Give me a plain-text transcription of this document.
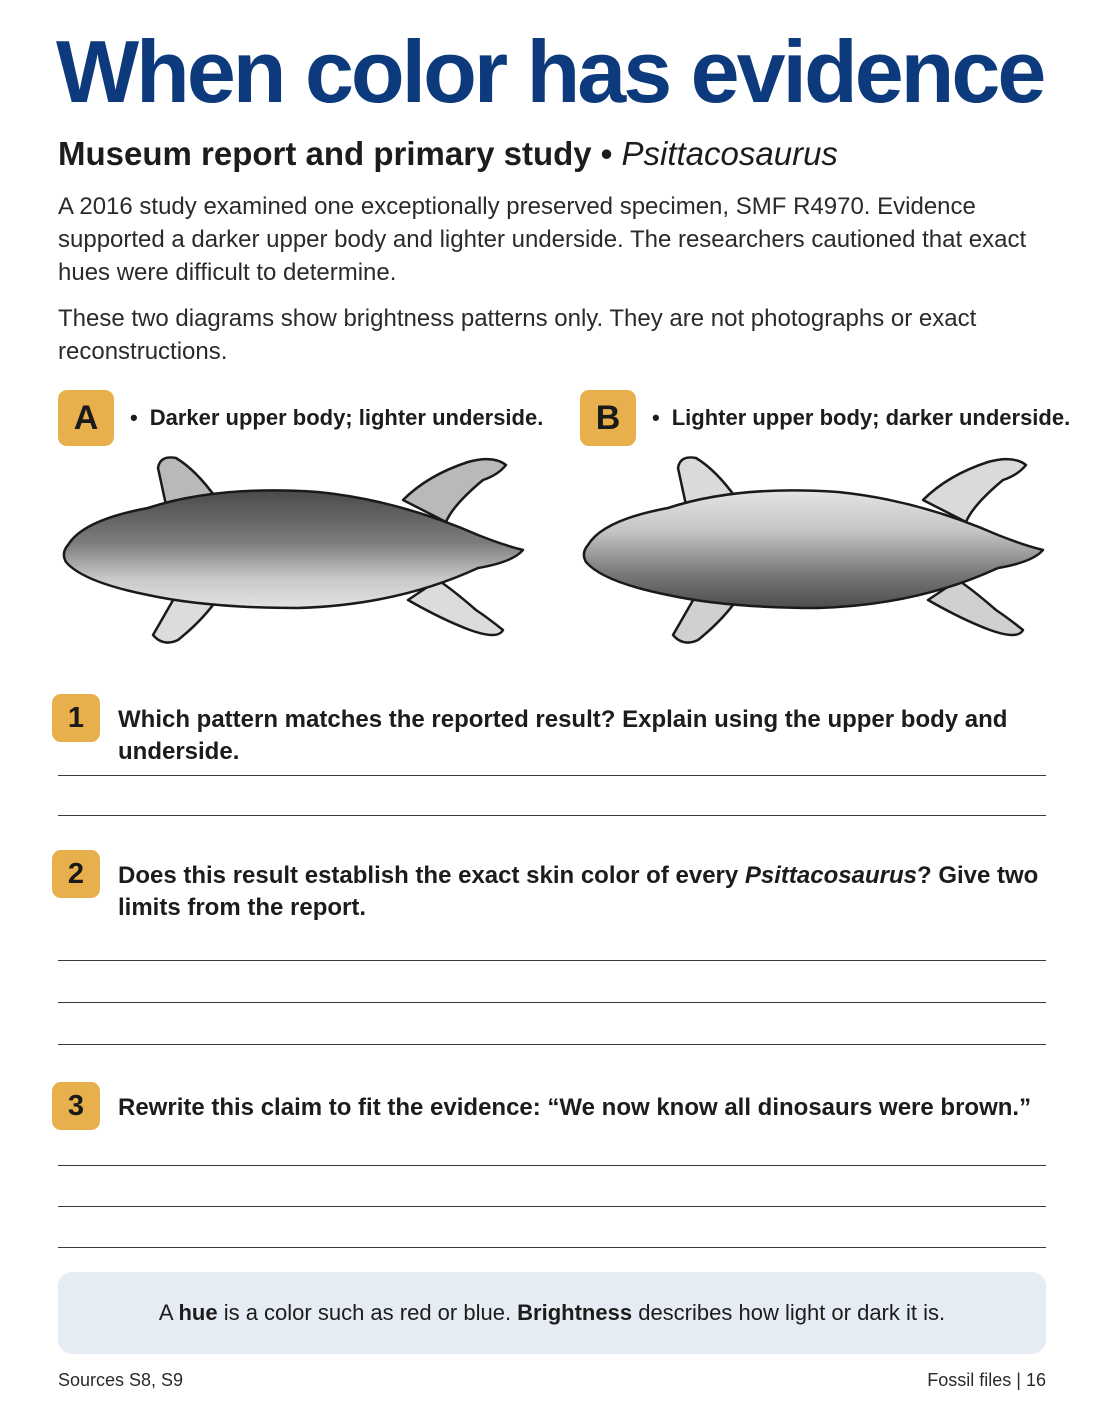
When color has evidence
Museum report and primary study • Psittacosaurus
A 2016 study examined one exceptionally preserved specimen, SMF R4970. Evidence supported a darker upper body and lighter underside. The researchers cautioned that exact hues were difficult to determine.
These two diagrams show brightness patterns only. They are not photographs or exact reconstructions.
A	• Darker upper body; lighter underside.	B	• Lighter upper body; darker underside.
1	Which pattern matches the reported result? Explain using the upper body and underside.
2	Does this result establish the exact skin color of every Psittacosaurus? Give two limits from the report.
3	Rewrite this claim to fit the evidence: “We now know all dinosaurs were brown.”
A hue is a color such as red or blue. Brightness describes how light or dark it is.
Sources S8, S9	Fossil files | 16
